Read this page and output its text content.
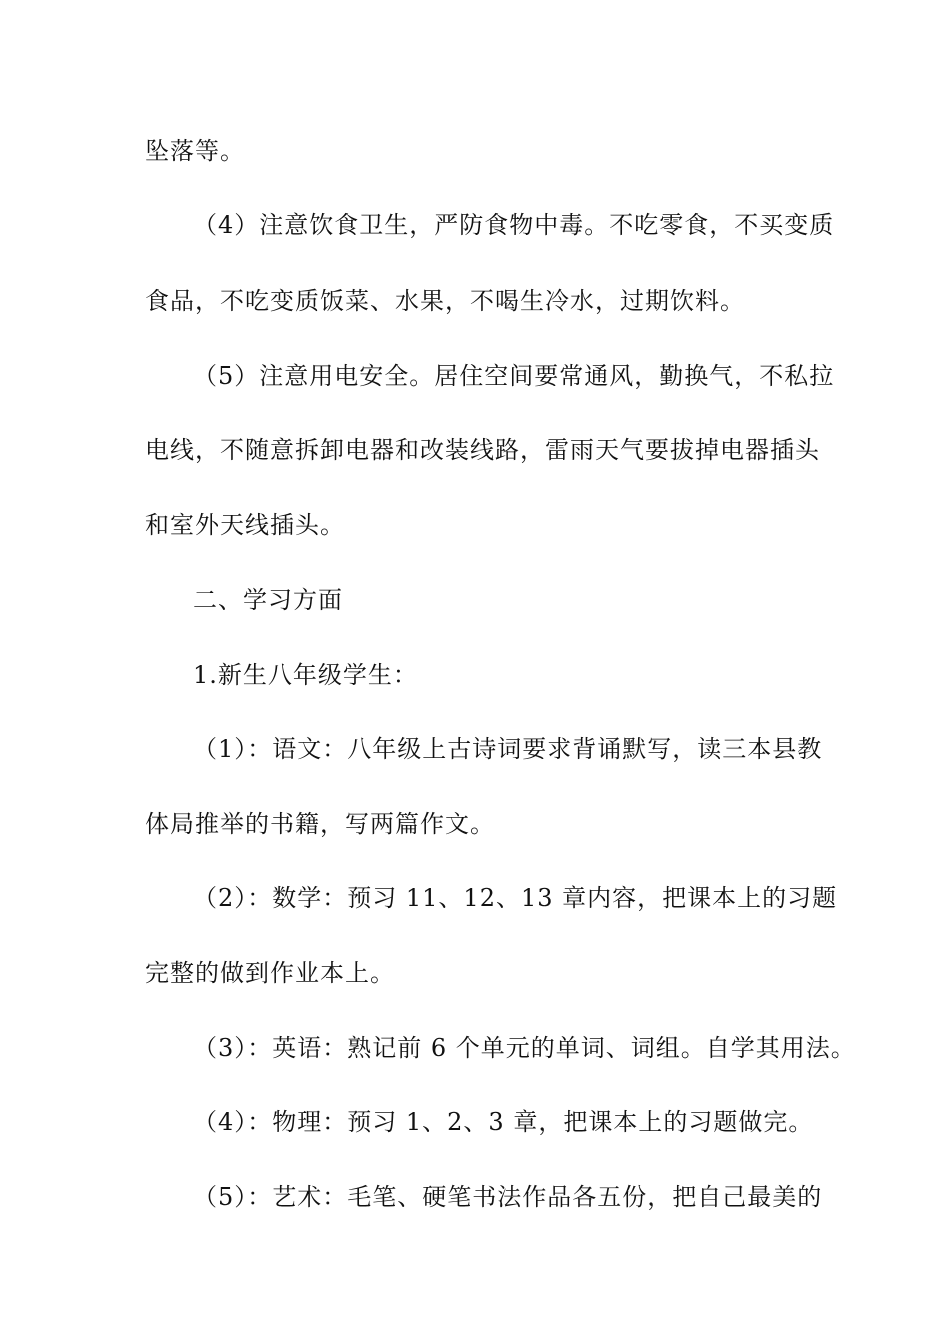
坠落等。
（4）注意饮食卫生，严防食物中毒。不吃零食，不买变质
食品，不吃变质饭菜、水果，不喝生冷水，过期饮料。
（5）注意用电安全。居住空间要常通风，勤换气，不私拉
电线，不随意拆卸电器和改装线路，雷雨天气要拔掉电器插头
和室外天线插头。
二、学习方面
1.新生八年级学生：
（1）：语文：八年级上古诗词要求背诵默写，读三本县教
体局推举的书籍，写两篇作文。
（2）：数学：预习 11、12、13 章内容，把课本上的习题
完整的做到作业本上。
（3）：英语：熟记前 6 个单元的单词、词组。自学其用法。
（4）：物理：预习 1、2、3 章，把课本上的习题做完。
（5）：艺术：毛笔、硬笔书法作品各五份，把自己最美的
